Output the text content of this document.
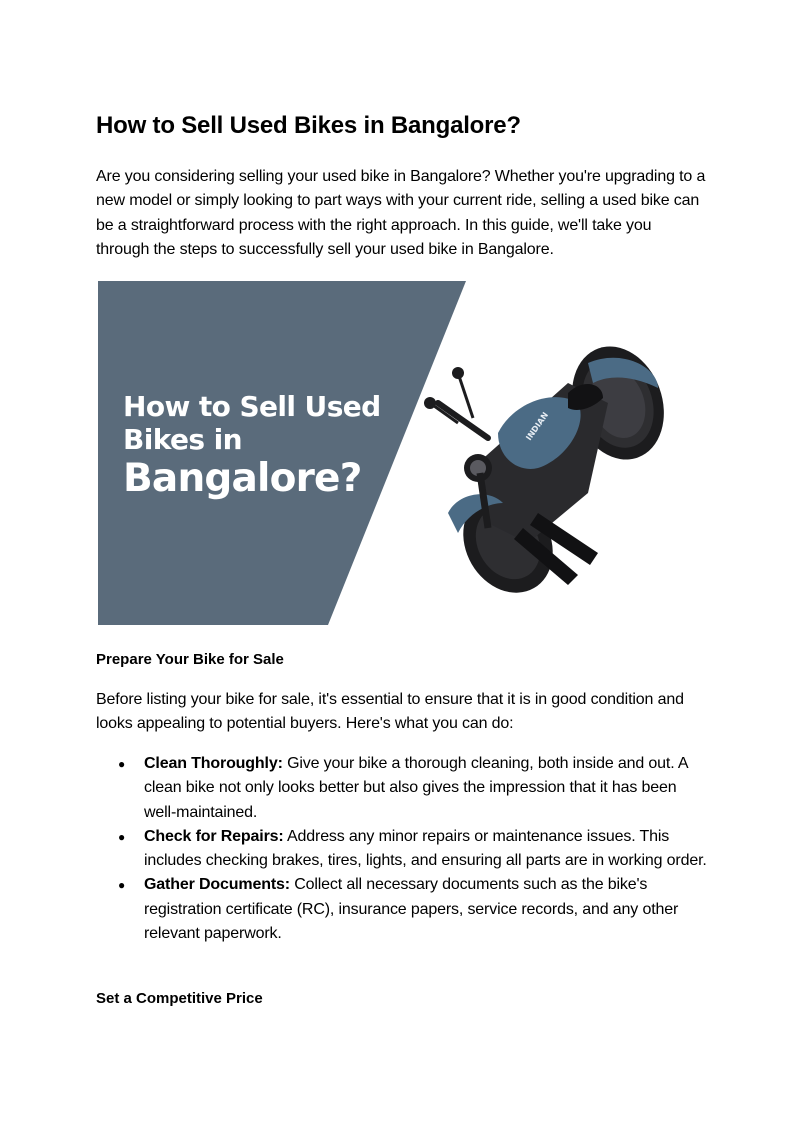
How to Sell Used Bikes in Bangalore?

Are you considering selling your used bike in Bangalore? Whether you're upgrading to a new model or simply looking to part ways with your current ride, selling a used bike can be a straightforward process with the right approach. In this guide, we'll take you through the steps to successfully sell your used bike in Bangalore.

How to Sell Used
Bikes in
Bangalore?
INDIAN
Prepare Your Bike for Sale

Before listing your bike for sale, it's essential to ensure that it is in good condition and looks appealing to potential buyers. Here's what you can do:

● Clean Thoroughly: Give your bike a thorough cleaning, both inside and out. A clean bike not only looks better but also gives the impression that it has been well-maintained.
● Check for Repairs: Address any minor repairs or maintenance issues. This includes checking brakes, tires, lights, and ensuring all parts are in working order.
● Gather Documents: Collect all necessary documents such as the bike's registration certificate (RC), insurance papers, service records, and any other relevant paperwork.
Set a Competitive Price
